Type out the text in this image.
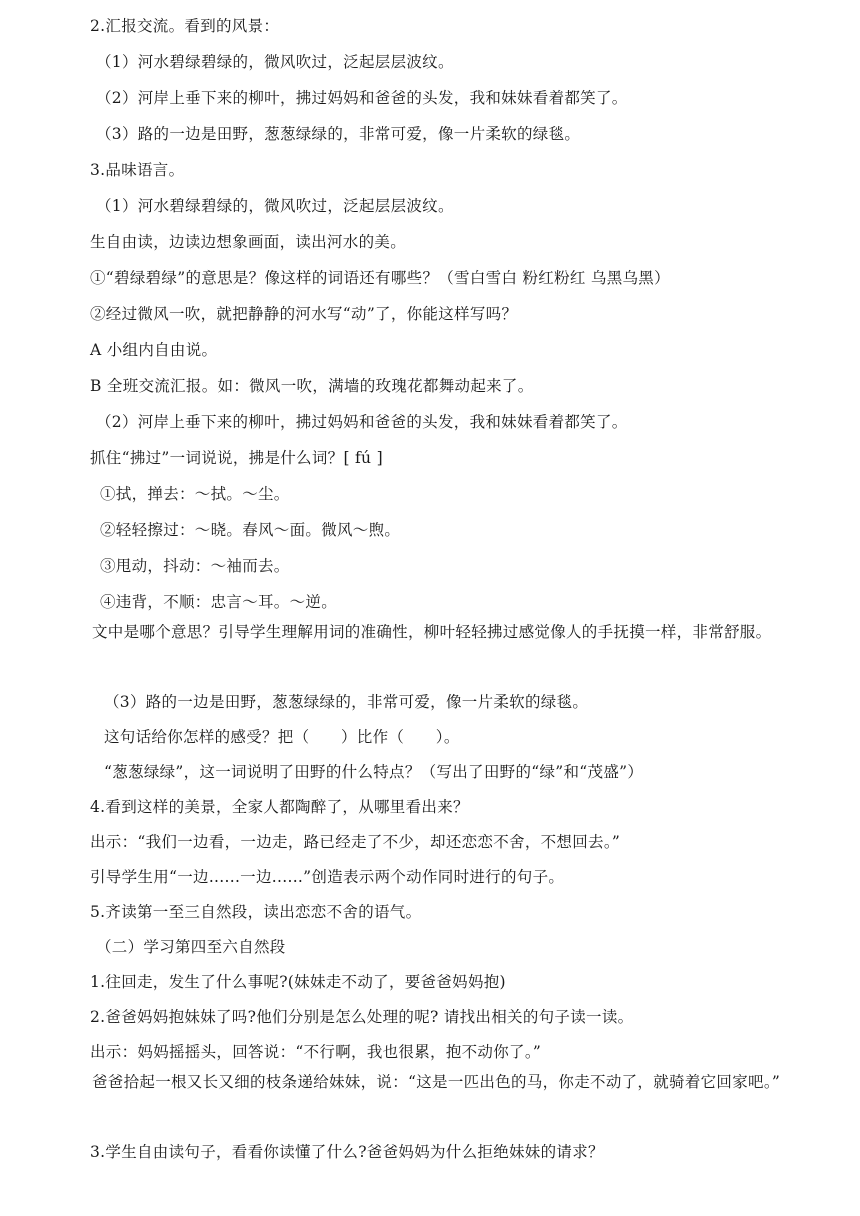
2.汇报交流。看到的风景：
（1）河水碧绿碧绿的，微风吹过，泛起层层波纹。
（2）河岸上垂下来的柳叶，拂过妈妈和爸爸的头发，我和妹妹看着都笑了。
（3）路的一边是田野，葱葱绿绿的，非常可爱，像一片柔软的绿毯。
3.品味语言。
（1）河水碧绿碧绿的，微风吹过，泛起层层波纹。
生自由读，边读边想象画面，读出河水的美。
①“碧绿碧绿”的意思是？像这样的词语还有哪些？（雪白雪白 粉红粉红 乌黑乌黑）
②经过微风一吹，就把静静的河水写“动”了，你能这样写吗？
A 小组内自由说。
B 全班交流汇报。如：微风一吹，满墙的玫瑰花都舞动起来了。
（2）河岸上垂下来的柳叶，拂过妈妈和爸爸的头发，我和妹妹看着都笑了。
抓住“拂过”一词说说，拂是什么词？[ fú ]
①拭，掸去：～拭。～尘。
②轻轻擦过：～晓。春风～面。微风～煦。
③甩动，抖动：～袖而去。
④违背，不顺：忠言～耳。～逆。
文中是哪个意思？引导学生理解用词的准确性，柳叶轻轻拂过感觉像人的手抚摸一样，非常舒服。
（3）路的一边是田野，葱葱绿绿的，非常可爱，像一片柔软的绿毯。
这句话给你怎样的感受？把（　　）比作（　　）。
“葱葱绿绿”，这一词说明了田野的什么特点？（写出了田野的“绿”和“茂盛”）
4.看到这样的美景，全家人都陶醉了，从哪里看出来？
出示：“我们一边看，一边走，路已经走了不少，却还恋恋不舍，不想回去。”
引导学生用“一边......一边......”创造表示两个动作同时进行的句子。
5.齐读第一至三自然段，读出恋恋不舍的语气。
（二）学习第四至六自然段
1.往回走，发生了什么事呢?(妹妹走不动了，要爸爸妈妈抱)
2.爸爸妈妈抱妹妹了吗?他们分别是怎么处理的呢? 请找出相关的句子读一读。
出示：妈妈摇摇头，回答说：“不行啊，我也很累，抱不动你了。”
爸爸拾起一根又长又细的枝条递给妹妹，说：“这是一匹出色的马，你走不动了，就骑着它回家吧。”
3.学生自由读句子，看看你读懂了什么?爸爸妈妈为什么拒绝妹妹的请求？
